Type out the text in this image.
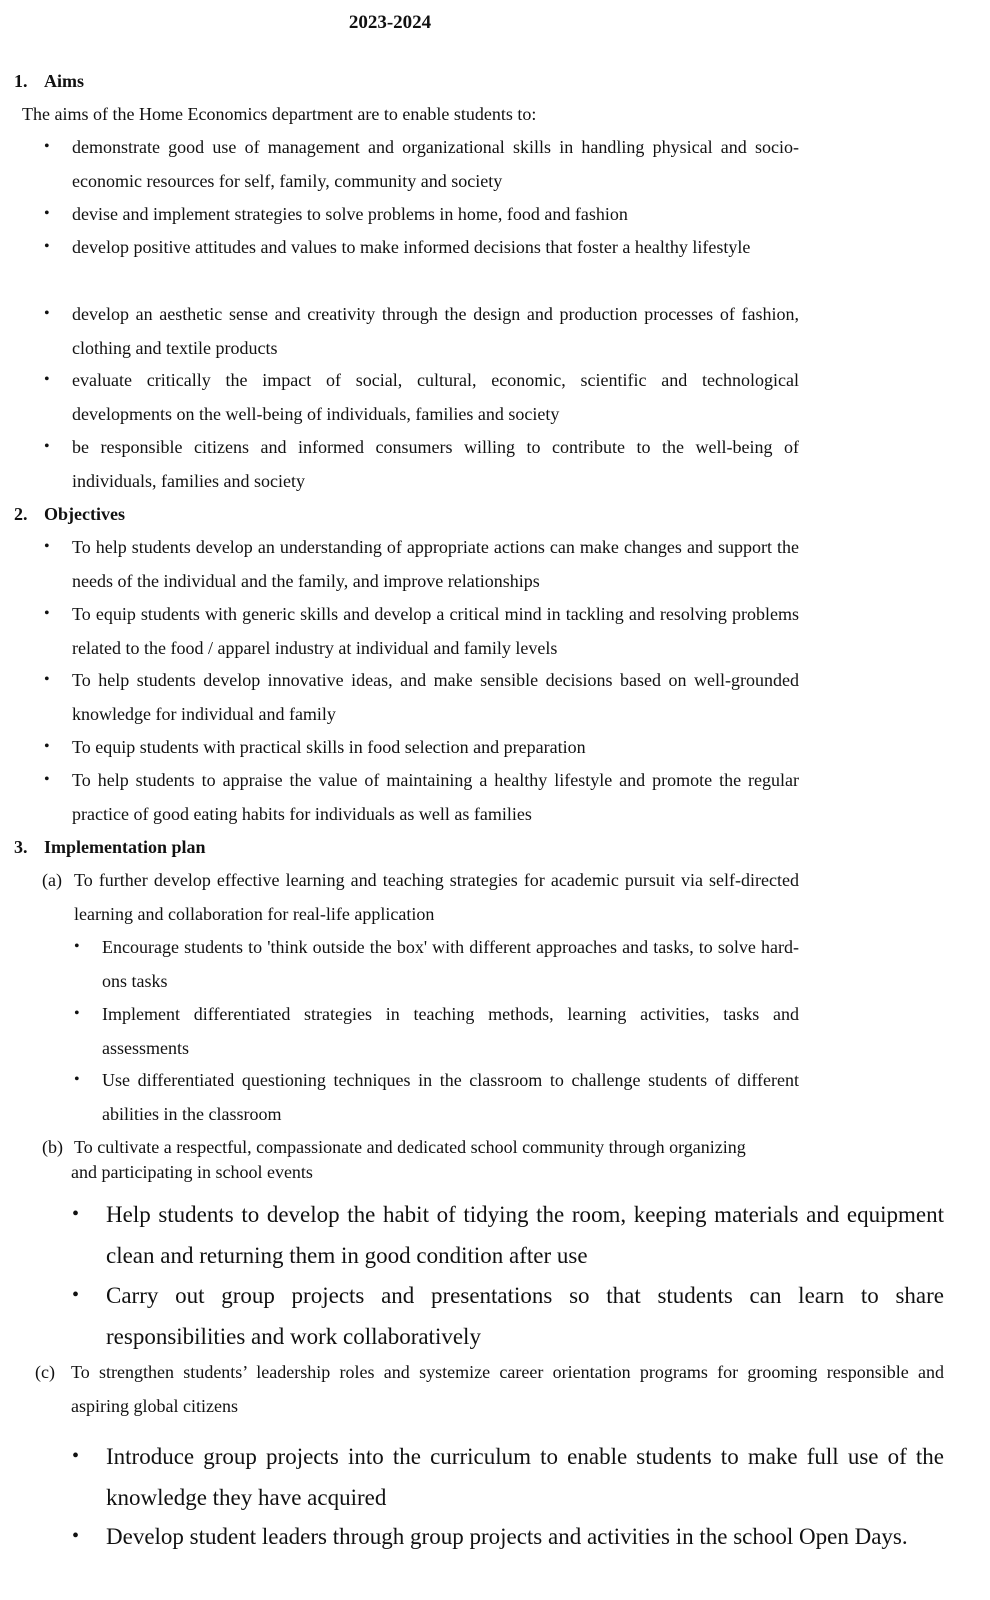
2023-2024
1. Aims
The aims of the Home Economics department are to enable students to:
• demonstrate good use of management and organizational skills in handling physical and socio-economic resources for self, family, community and society
• devise and implement strategies to solve problems in home, food and fashion
• develop positive attitudes and values to make informed decisions that foster a healthy lifestyle
• develop an aesthetic sense and creativity through the design and production processes of fashion, clothing and textile products
• evaluate critically the impact of social, cultural, economic, scientific and technological developments on the well-being of individuals, families and society
• be responsible citizens and informed consumers willing to contribute to the well-being of individuals, families and society
2. Objectives
• To help students develop an understanding of appropriate actions can make changes and support the needs of the individual and the family, and improve relationships
• To equip students with generic skills and develop a critical mind in tackling and resolving problems related to the food / apparel industry at individual and family levels
• To help students develop innovative ideas, and make sensible decisions based on well-grounded knowledge for individual and family
• To equip students with practical skills in food selection and preparation
• To help students to appraise the value of maintaining a healthy lifestyle and promote the regular practice of good eating habits for individuals as well as families
3. Implementation plan
(a) To further develop effective learning and teaching strategies for academic pursuit via self-directed learning and collaboration for real-life application
• Encourage students to 'think outside the box' with different approaches and tasks, to solve hard-ons tasks
• Implement differentiated strategies in teaching methods, learning activities, tasks and assessments
• Use differentiated questioning techniques in the classroom to challenge students of different abilities in the classroom
(b) To cultivate a respectful, compassionate and dedicated school community through organizing
and participating in school events
• Help students to develop the habit of tidying the room, keeping materials and equipment clean and returning them in good condition after use
• Carry out group projects and presentations so that students can learn to share responsibilities and work collaboratively
(c) To strengthen students’ leadership roles and systemize career orientation programs for grooming responsible and aspiring global citizens
• Introduce group projects into the curriculum to enable students to make full use of the knowledge they have acquired
• Develop student leaders through group projects and activities in the school Open Days.
